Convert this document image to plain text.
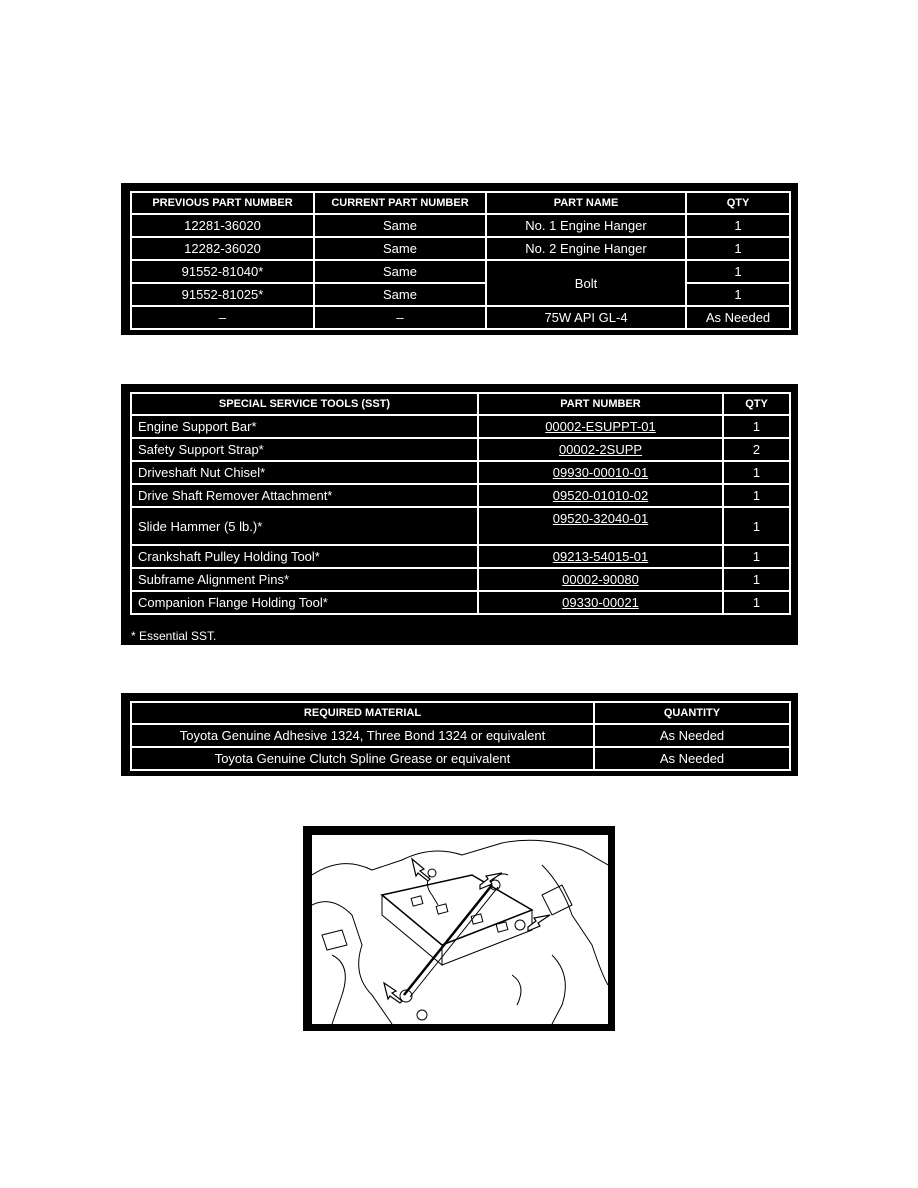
PREVIOUS PART NUMBER	CURRENT PART NUMBER	PART NAME	QTY
12281-36020	Same	No. 1 Engine Hanger	1
12282-36020	Same	No. 2 Engine Hanger	1
91552-81040*	Same	Bolt	1
91552-81025*	Same		1
–	–	75W API GL-4	As Needed
SPECIAL SERVICE TOOLS (SST)	PART NUMBER	QTY
Engine Support Bar*	00002-ESUPPT-01	1
Safety Support Strap*	00002-2SUPP	2
Driveshaft Nut Chisel*	09930-00010-01	1
Drive Shaft Remover Attachment*	09520-01010-02	1
Slide Hammer (5 lb.)*	09520-32040-01	1
Crankshaft Pulley Holding Tool*	09213-54015-01	1
Subframe Alignment Pins*	00002-90080	1
Companion Flange Holding Tool*	09330-00021	1
* Essential SST.
REQUIRED MATERIAL	QUANTITY
Toyota Genuine Adhesive 1324, Three Bond 1324 or equivalent	As Needed
Toyota Genuine Clutch Spline Grease or equivalent	As Needed
